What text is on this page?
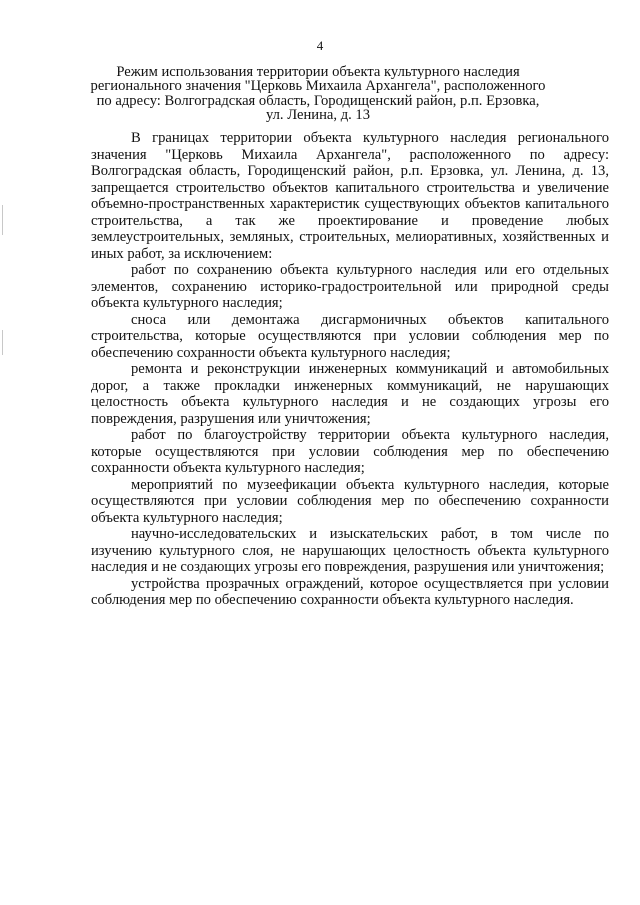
4
Режим использования территории объекта культурного наследия
регионального значения "Церковь Михаила Архангела", расположенного
по адресу: Волгоградская область, Городищенский район, р.п. Ерзовка,
ул. Ленина, д. 13

В границах территории объекта культурного наследия регионального значения "Церковь Михаила Архангела", расположенного по адресу: Волгоградская область, Городищенский район, р.п. Ерзовка, ул. Ленина, д. 13, запрещается строительство объектов капитального строительства и увеличение объемно-пространственных характеристик существующих объектов капитального строительства, а так же проектирование и проведение любых землеустроительных, земляных, строительных, мелиоративных, хозяйственных и иных работ, за исключением:

работ по сохранению объекта культурного наследия или его отдельных элементов, сохранению историко-градостроительной или природной среды объекта культурного наследия;

сноса или демонтажа дисгармоничных объектов капитального строительства, которые осуществляются при условии соблюдения мер по обеспечению сохранности объекта культурного наследия;

ремонта и реконструкции инженерных коммуникаций и автомобильных дорог, а также прокладки инженерных коммуникаций, не нарушающих целостность объекта культурного наследия и не создающих угрозы его повреждения, разрушения или уничтожения;

работ по благоустройству территории объекта культурного наследия, которые осуществляются при условии соблюдения мер по обеспечению сохранности объекта культурного наследия;

мероприятий по музеефикации объекта культурного наследия, которые осуществляются при условии соблюдения мер по обеспечению сохранности объекта культурного наследия;

научно-исследовательских и изыскательских работ, в том числе по изучению культурного слоя, не нарушающих целостность объекта культурного наследия и не создающих угрозы его повреждения, разрушения или уничтожения;

устройства прозрачных ограждений, которое осуществляется при условии соблюдения мер по обеспечению сохранности объекта культурного наследия.
